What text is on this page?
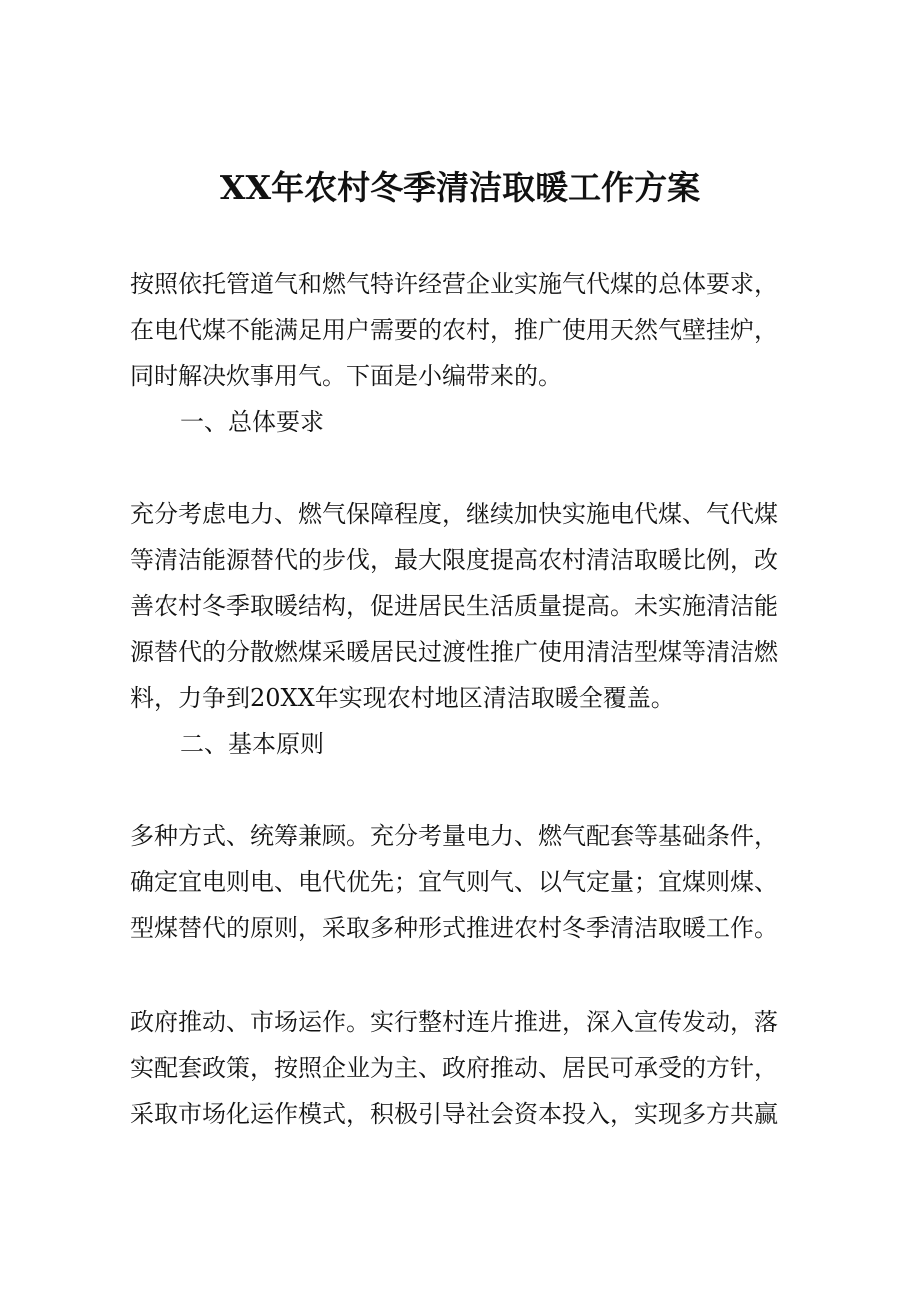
XX年农村冬季清洁取暖工作方案
按照依托管道气和燃气特许经营企业实施气代煤的总体要求，
在电代煤不能满足用户需要的农村，推广使用天然气壁挂炉，
同时解决炊事用气。下面是小编带来的。
一、总体要求
充分考虑电力、燃气保障程度，继续加快实施电代煤、气代煤
等清洁能源替代的步伐，最大限度提高农村清洁取暖比例，改
善农村冬季取暖结构，促进居民生活质量提高。未实施清洁能
源替代的分散燃煤采暖居民过渡性推广使用清洁型煤等清洁燃
料，力争到20XX年实现农村地区清洁取暖全覆盖。
二、基本原则
多种方式、统筹兼顾。充分考量电力、燃气配套等基础条件，
确定宜电则电、电代优先；宜气则气、以气定量；宜煤则煤、
型煤替代的原则，采取多种形式推进农村冬季清洁取暖工作。
政府推动、市场运作。实行整村连片推进，深入宣传发动，落
实配套政策，按照企业为主、政府推动、居民可承受的方针，
采取市场化运作模式，积极引导社会资本投入，实现多方共赢
